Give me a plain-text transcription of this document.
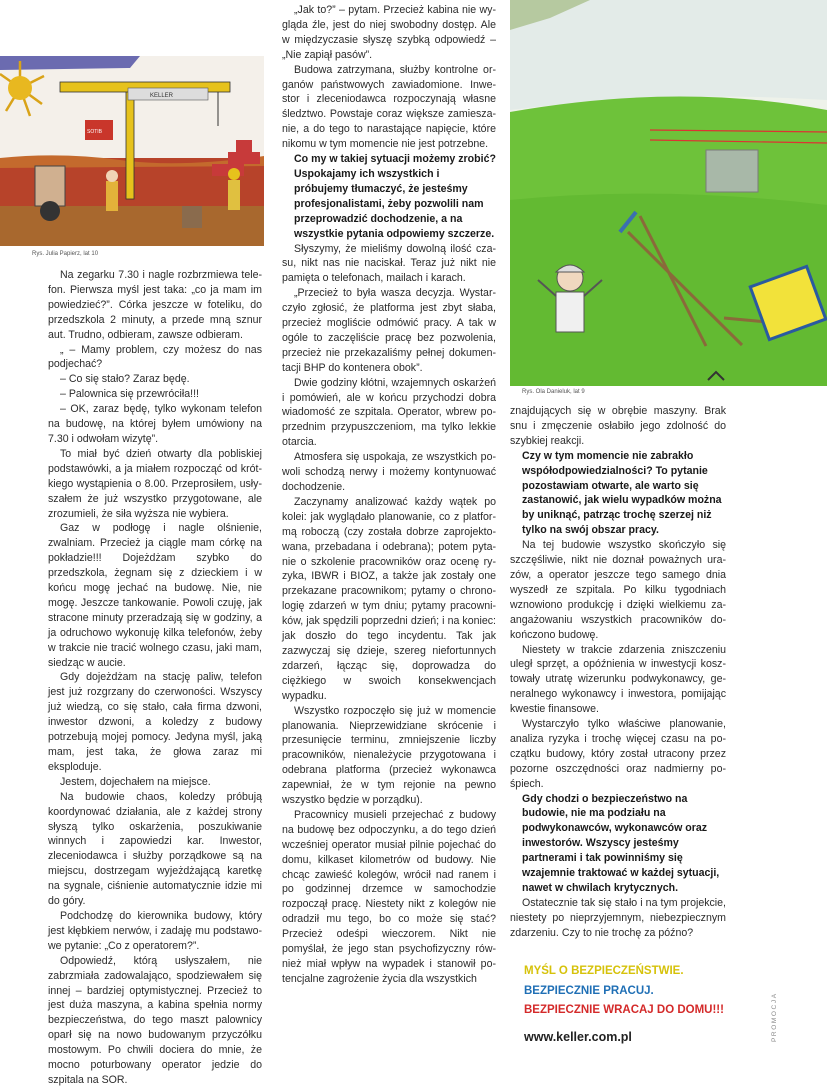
KELLER
SOTIB
Rys. Julia Papierz, lat 10
Rys. Ola Danieluk, lat 9

Na zegarku 7.30 i nagle rozbrzmiewa telefon. Pierwsza myśl jest taka: „co ja mam im powiedzieć?”. Córka jeszcze w foteliku, do przedszkola 2 minuty, a przede mną sznur aut. Trudno, odbieram, zawsze odbieram.

„ – Mamy problem, czy możesz do nas podjechać?

– Co się stało? Zaraz będę.

– Palownica się przewróciła!!!

– OK, zaraz będę, tylko wykonam telefon na budowę, na której byłem umówiony na 7.30 i odwołam wizytę”.

To miał być dzień otwarty dla pobliskiej podstawówki, a ja miałem rozpocząć od krótkiego wystąpienia o 8.00. Przeprosiłem, usłyszałem że już wszystko przygotowane, ale zrozumieli, że siła wyższa nie wybiera.

Gaz w podłogę i nagle olśnienie, zwalniam. Przecież ja ciągle mam córkę na pokładzie!!! Dojeżdżam szybko do przedszkola, żegnam się z dzieckiem i w końcu mogę jechać na budowę. Nie, nie mogę. Jeszcze tankowanie. Powoli czuję, jak stracone minuty przeradzają się w godziny, a ja odruchowo wykonuję kilka telefonów, żeby w trakcie nie tracić wolnego czasu, jaki mam, siedząc w aucie.

Gdy dojeżdżam na stację paliw, telefon jest już rozgrzany do czerwoności. Wszyscy już wiedzą, co się stało, cała firma dzwoni, inwestor dzwoni, a koledzy z budowy potrzebują mojej pomocy. Jedyna myśl, jaką mam, jest taka, że głowa zaraz mi eksploduje.

Jestem, dojechałem na miejsce.

Na budowie chaos, koledzy próbują koordynować działania, ale z każdej strony słyszą tylko oskarżenia, poszukiwanie winnych i zapowiedzi kar. Inwestor, zleceniodawca i służby porządkowe są na miejscu, dostrzegam wyjeżdżającą karetkę na sygnale, ciśnienie automatycznie idzie mi do góry.

Podchodzę do kierownika budowy, który jest kłębkiem nerwów, i zadaję mu podstawowe pytanie: „Co z operatorem?”.

Odpowiedź, którą usłyszałem, nie zabrzmiała zadowalająco, spodziewałem się innej – bardziej optymistycznej. Przecież to jest duża maszyna, a kabina spełnia normy bezpieczeństwa, do tego maszt palownicy oparł się na nowo budowanym przyczółku mostowym. Po chwili dociera do mnie, że mocno poturbowany operator jedzie do szpitala na SOR.

„Jak to?” – pytam. Przecież kabina nie wygląda źle, jest do niej swobodny dostęp. Ale w międzyczasie słyszę szybką odpowiedź – „Nie zapiął pasów”.

Budowa zatrzymana, służby kontrolne organów państwowych zawiadomione. Inwestor i zleceniodawca rozpoczynają własne śledztwo. Powstaje coraz większe zamieszanie, a do tego to narastające napięcie, które nikomu w tym momencie nie jest potrzebne.

Co my w takiej sytuacji możemy zrobić? Uspokajamy ich wszystkich i próbujemy tłumaczyć, że jesteśmy profesjonalistami, żeby pozwolili nam przeprowadzić dochodzenie, a na wszystkie pytania odpowiemy szczerze.

Słyszymy, że mieliśmy dowolną ilość czasu, nikt nas nie naciskał. Teraz już nikt nie pamięta o telefonach, mailach i karach.

„Przecież to była wasza decyzja. Wystarczyło zgłosić, że platforma jest zbyt słaba, przecież mogliście odmówić pracy. A tak w ogóle to zaczęliście pracę bez pozwolenia, przecież nie przekazaliśmy pełnej dokumentacji BHP do kontenera obok”.

Dwie godziny kłótni, wzajemnych oskarżeń i pomówień, ale w końcu przychodzi dobra wiadomość ze szpitala. Operator, wbrew poprzednim przypuszczeniom, ma tylko lekkie otarcia.

Atmosfera się uspokaja, ze wszystkich powoli schodzą nerwy i możemy kontynuować dochodzenie.

Zaczynamy analizować każdy wątek po kolei: jak wyglądało planowanie, co z platformą roboczą (czy została dobrze zaprojektowana, przebadana i odebrana); potem pytanie o szkolenie pracowników oraz ocenę ryzyka, IBWR i BIOZ, a także jak zostały one przekazane pracownikom; pytamy o chronologię zdarzeń w tym dniu; pytamy pracowników, jak spędzili poprzedni dzień; i na koniec: jak doszło do tego incydentu. Tak jak zazwyczaj się dzieje, szereg niefortunnych zdarzeń, łącząc się, doprowadza do ciężkiego w swoich konsekwencjach wypadku.

Wszystko rozpoczęło się już w momencie planowania. Nieprzewidziane skrócenie i przesunięcie terminu, zmniejszenie liczby pracowników, nienależycie przygotowana i odebrana platforma (przecież wykonawca zapewniał, że w tym rejonie na pewno wszystko będzie w porządku).

Pracownicy musieli przejechać z budowy na budowę bez odpoczynku, a do tego dzień wcześniej operator musiał pilnie pojechać do domu, kilkaset kilometrów od budowy. Nie chcąc zawieść kolegów, wrócił nad ranem i po godzinnej drzemce w samochodzie rozpoczął pracę. Niestety nikt z kolegów nie odradził mu tego, bo co może się stać? Przecież odeśpi wieczorem. Nikt nie pomyślał, że jego stan psychofizyczny również miał wpływ na wypadek i stanowił potencjalne zagrożenie życia dla wszystkich

znajdujących się w obrębie maszyny. Brak snu i zmęczenie osłabiło jego zdolność do szybkiej reakcji.

Czy w tym momencie nie zabrakło współodpowiedzialności? To pytanie pozostawiam otwarte, ale warto się zastanowić, jak wielu wypadków można by uniknąć, patrząc trochę szerzej niż tylko na swój obszar pracy.

Na tej budowie wszystko skończyło się szczęśliwie, nikt nie doznał poważnych urazów, a operator jeszcze tego samego dnia wyszedł ze szpitala. Po kilku tygodniach wznowiono produkcję i dzięki wielkiemu zaangażowaniu wszystkich pracowników dokończono budowę.

Niestety w trakcie zdarzenia zniszczeniu uległ sprzęt, a opóźnienia w inwestycji kosztowały utratę wizerunku podwykonawcy, generalnego wykonawcy i inwestora, pomijając kwestie finansowe.

Wystarczyło tylko właściwe planowanie, analiza ryzyka i trochę więcej czasu na początku budowy, który został utracony przez pozorne oszczędności oraz nadmierny pośpiech.

Gdy chodzi o bezpieczeństwo na budowie, nie ma podziału na podwykonawców, wykonawców oraz inwestorów. Wszyscy jesteśmy partnerami i tak powinniśmy się wzajemnie traktować w każdej sytuacji, nawet w chwilach krytycznych.

Ostatecznie tak się stało i na tym projekcie, niestety po nieprzyjemnym, niebezpiecznym zdarzeniu. Czy to nie trochę za późno?

MYŚL O BEZPIECZEŃSTWIE.
BEZPIECZNIE PRACUJ.
BEZPIECZNIE WRACAJ DO DOMU!!!
www.keller.com.pl	PROMOCJA
